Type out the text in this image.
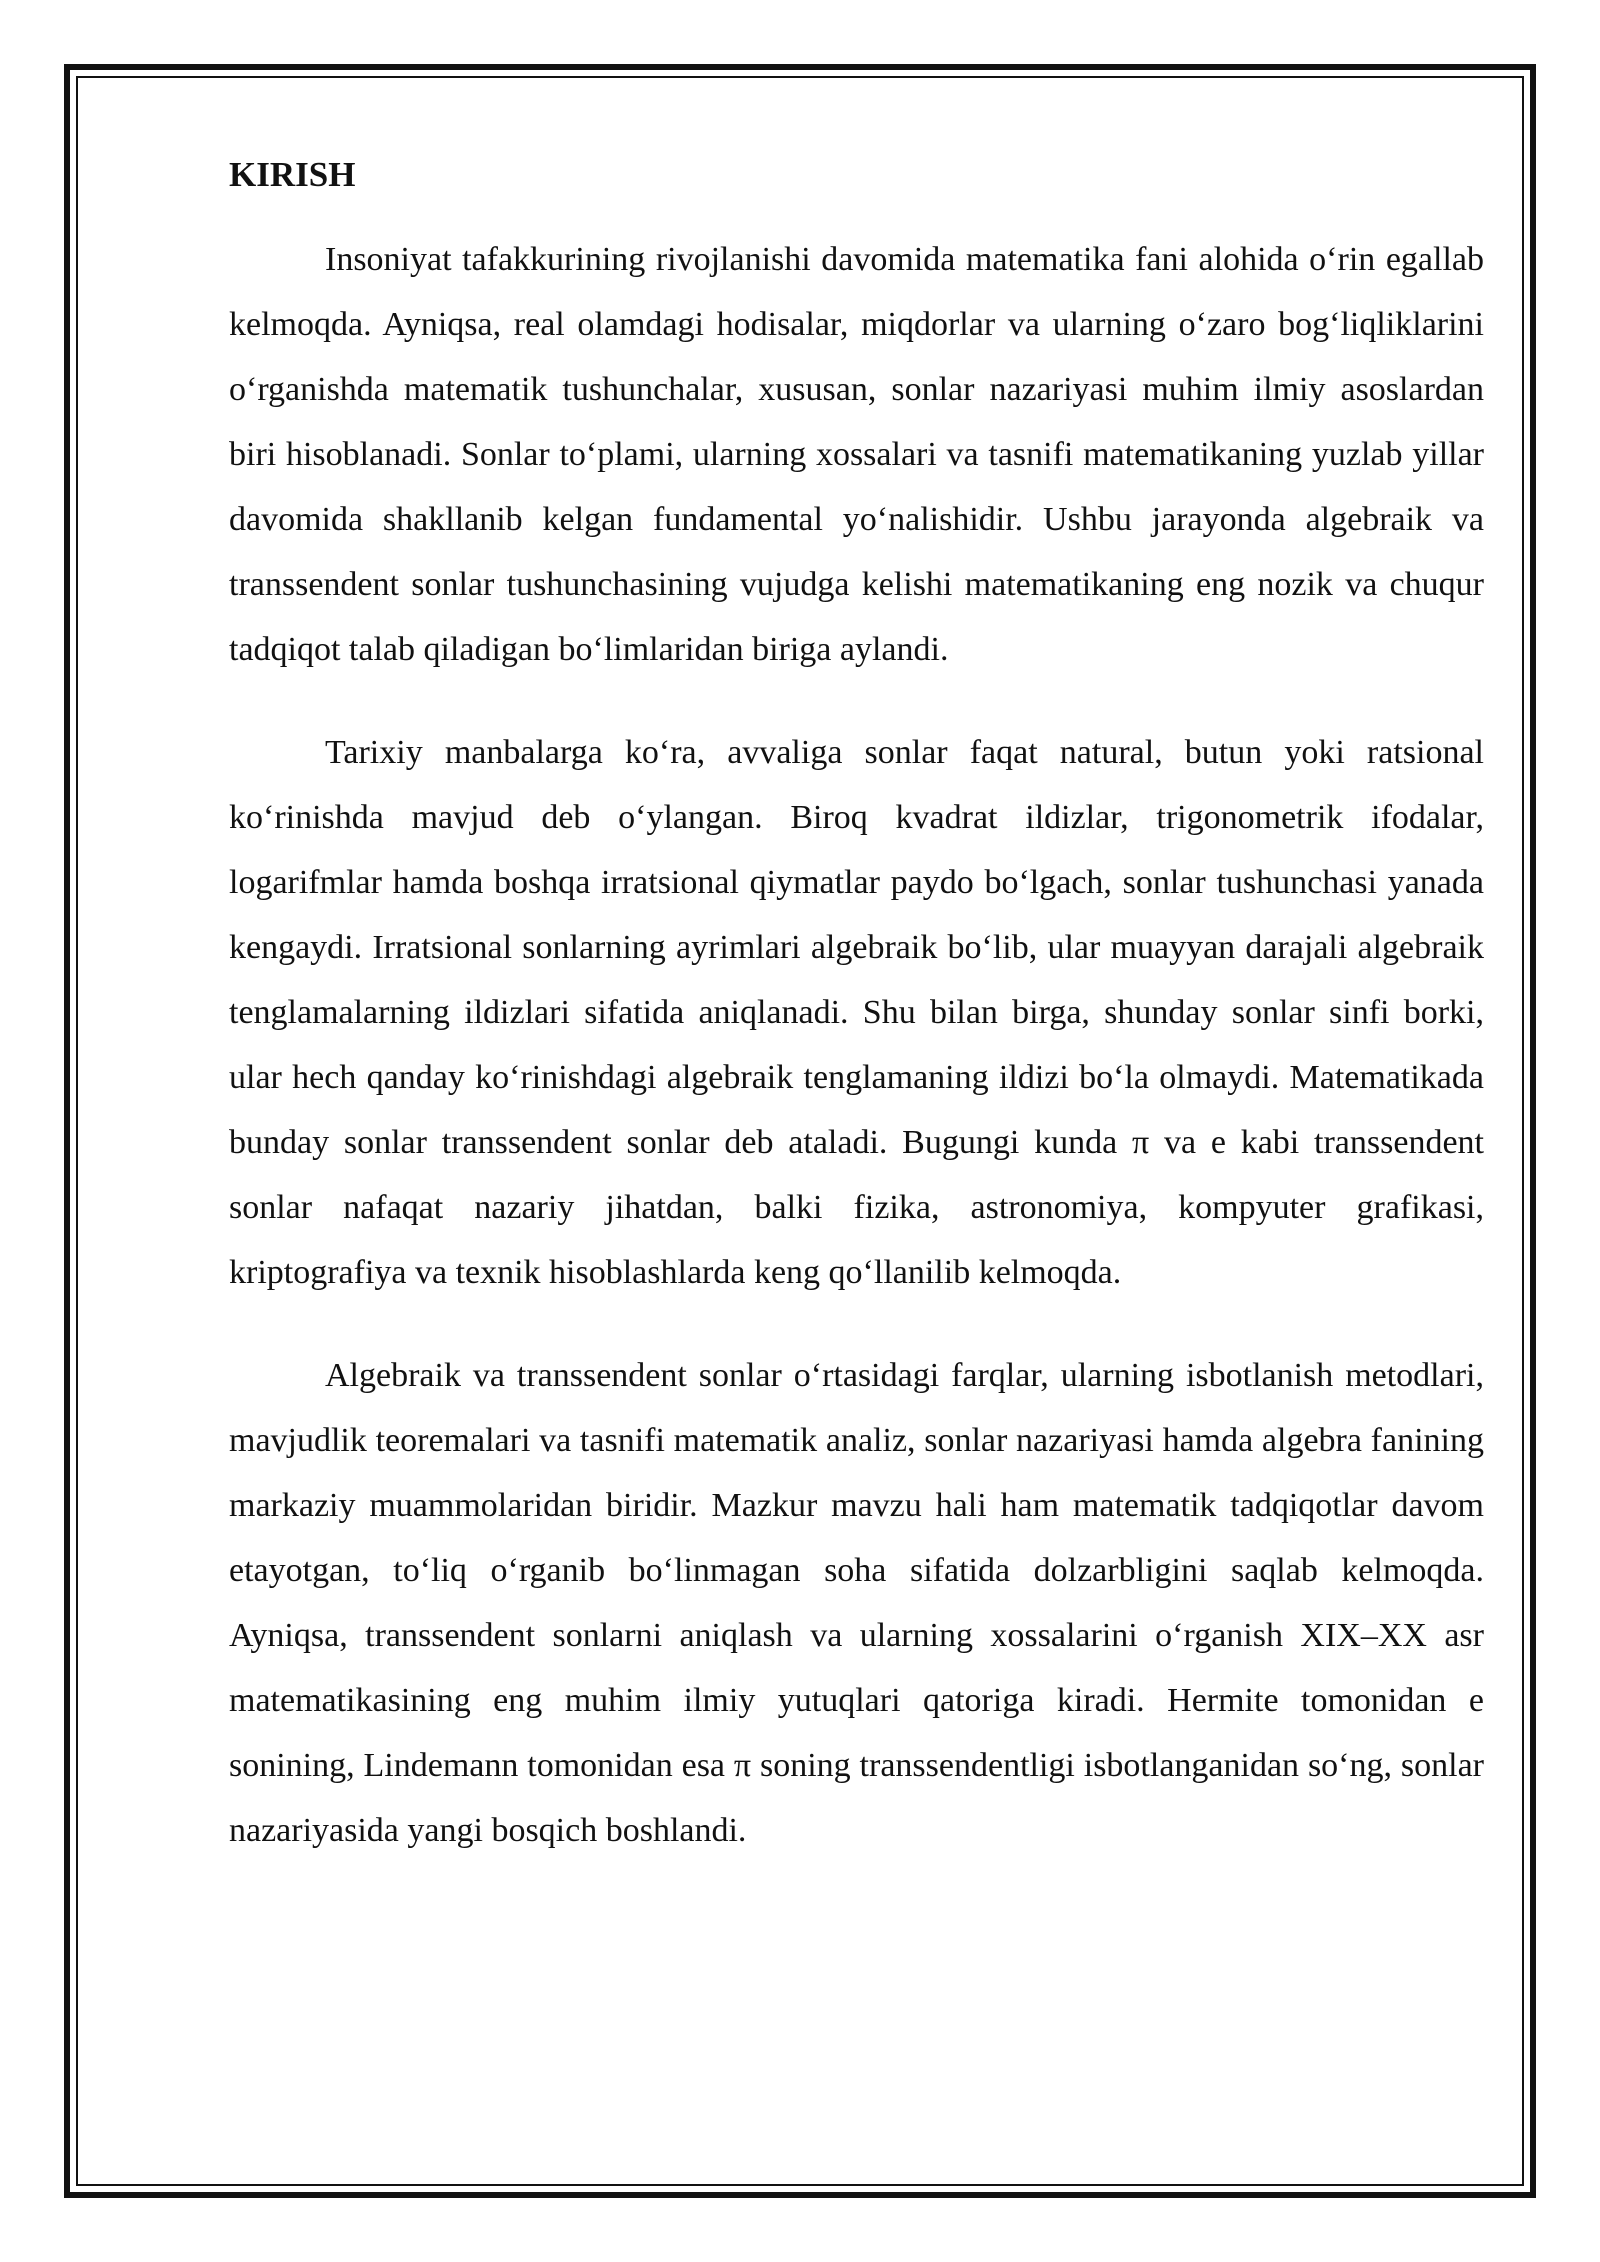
KIRISH

Insoniyat tafakkurining rivojlanishi davomida matematika fani alohida o‘rin egallab kelmoqda. Ayniqsa, real olamdagi hodisalar, miqdorlar va ularning o‘zaro bog‘liqliklarini o‘rganishda matematik tushunchalar, xususan, sonlar nazariyasi muhim ilmiy asoslardan biri hisoblanadi. Sonlar to‘plami, ularning xossalari va tasnifi matematikaning yuzlab yillar davomida shakllanib kelgan fundamental yo‘nalishidir. Ushbu jarayonda algebraik va transsendent sonlar tushunchasining vujudga kelishi matematikaning eng nozik va chuqur tadqiqot talab qiladigan bo‘limlaridan biriga aylandi.

Tarixiy manbalarga ko‘ra, avvaliga sonlar faqat natural, butun yoki ratsional ko‘rinishda mavjud deb o‘ylangan. Biroq kvadrat ildizlar, trigonometrik ifodalar, logarifmlar hamda boshqa irratsional qiymatlar paydo bo‘lgach, sonlar tushunchasi yanada kengaydi. Irratsional sonlarning ayrimlari algebraik bo‘lib, ular muayyan darajali algebraik tenglamalarning ildizlari sifatida aniqlanadi. Shu bilan birga, shunday sonlar sinfi borki, ular hech qanday ko‘rinishdagi algebraik tenglamaning ildizi bo‘la olmaydi. Matematikada bunday sonlar transsendent sonlar deb ataladi. Bugungi kunda π va e kabi transsendent sonlar nafaqat nazariy jihatdan, balki fizika, astronomiya, kompyuter grafikasi, kriptografiya va texnik hisoblashlarda keng qo‘llanilib kelmoqda.

Algebraik va transsendent sonlar o‘rtasidagi farqlar, ularning isbotlanish metodlari, mavjudlik teoremalari va tasnifi matematik analiz, sonlar nazariyasi hamda algebra fanining markaziy muammolaridan biridir. Mazkur mavzu hali ham matematik tadqiqotlar davom etayotgan, to‘liq o‘rganib bo‘linmagan soha sifatida dolzarbligini saqlab kelmoqda. Ayniqsa, transsendent sonlarni aniqlash va ularning xossalarini o‘rganish XIX–XX asr matematikasining eng muhim ilmiy yutuqlari qatoriga kiradi. Hermite tomonidan e sonining, Lindemann tomonidan esa π soning transsendentligi isbotlanganidan so‘ng, sonlar nazariyasida yangi bosqich boshlandi.
